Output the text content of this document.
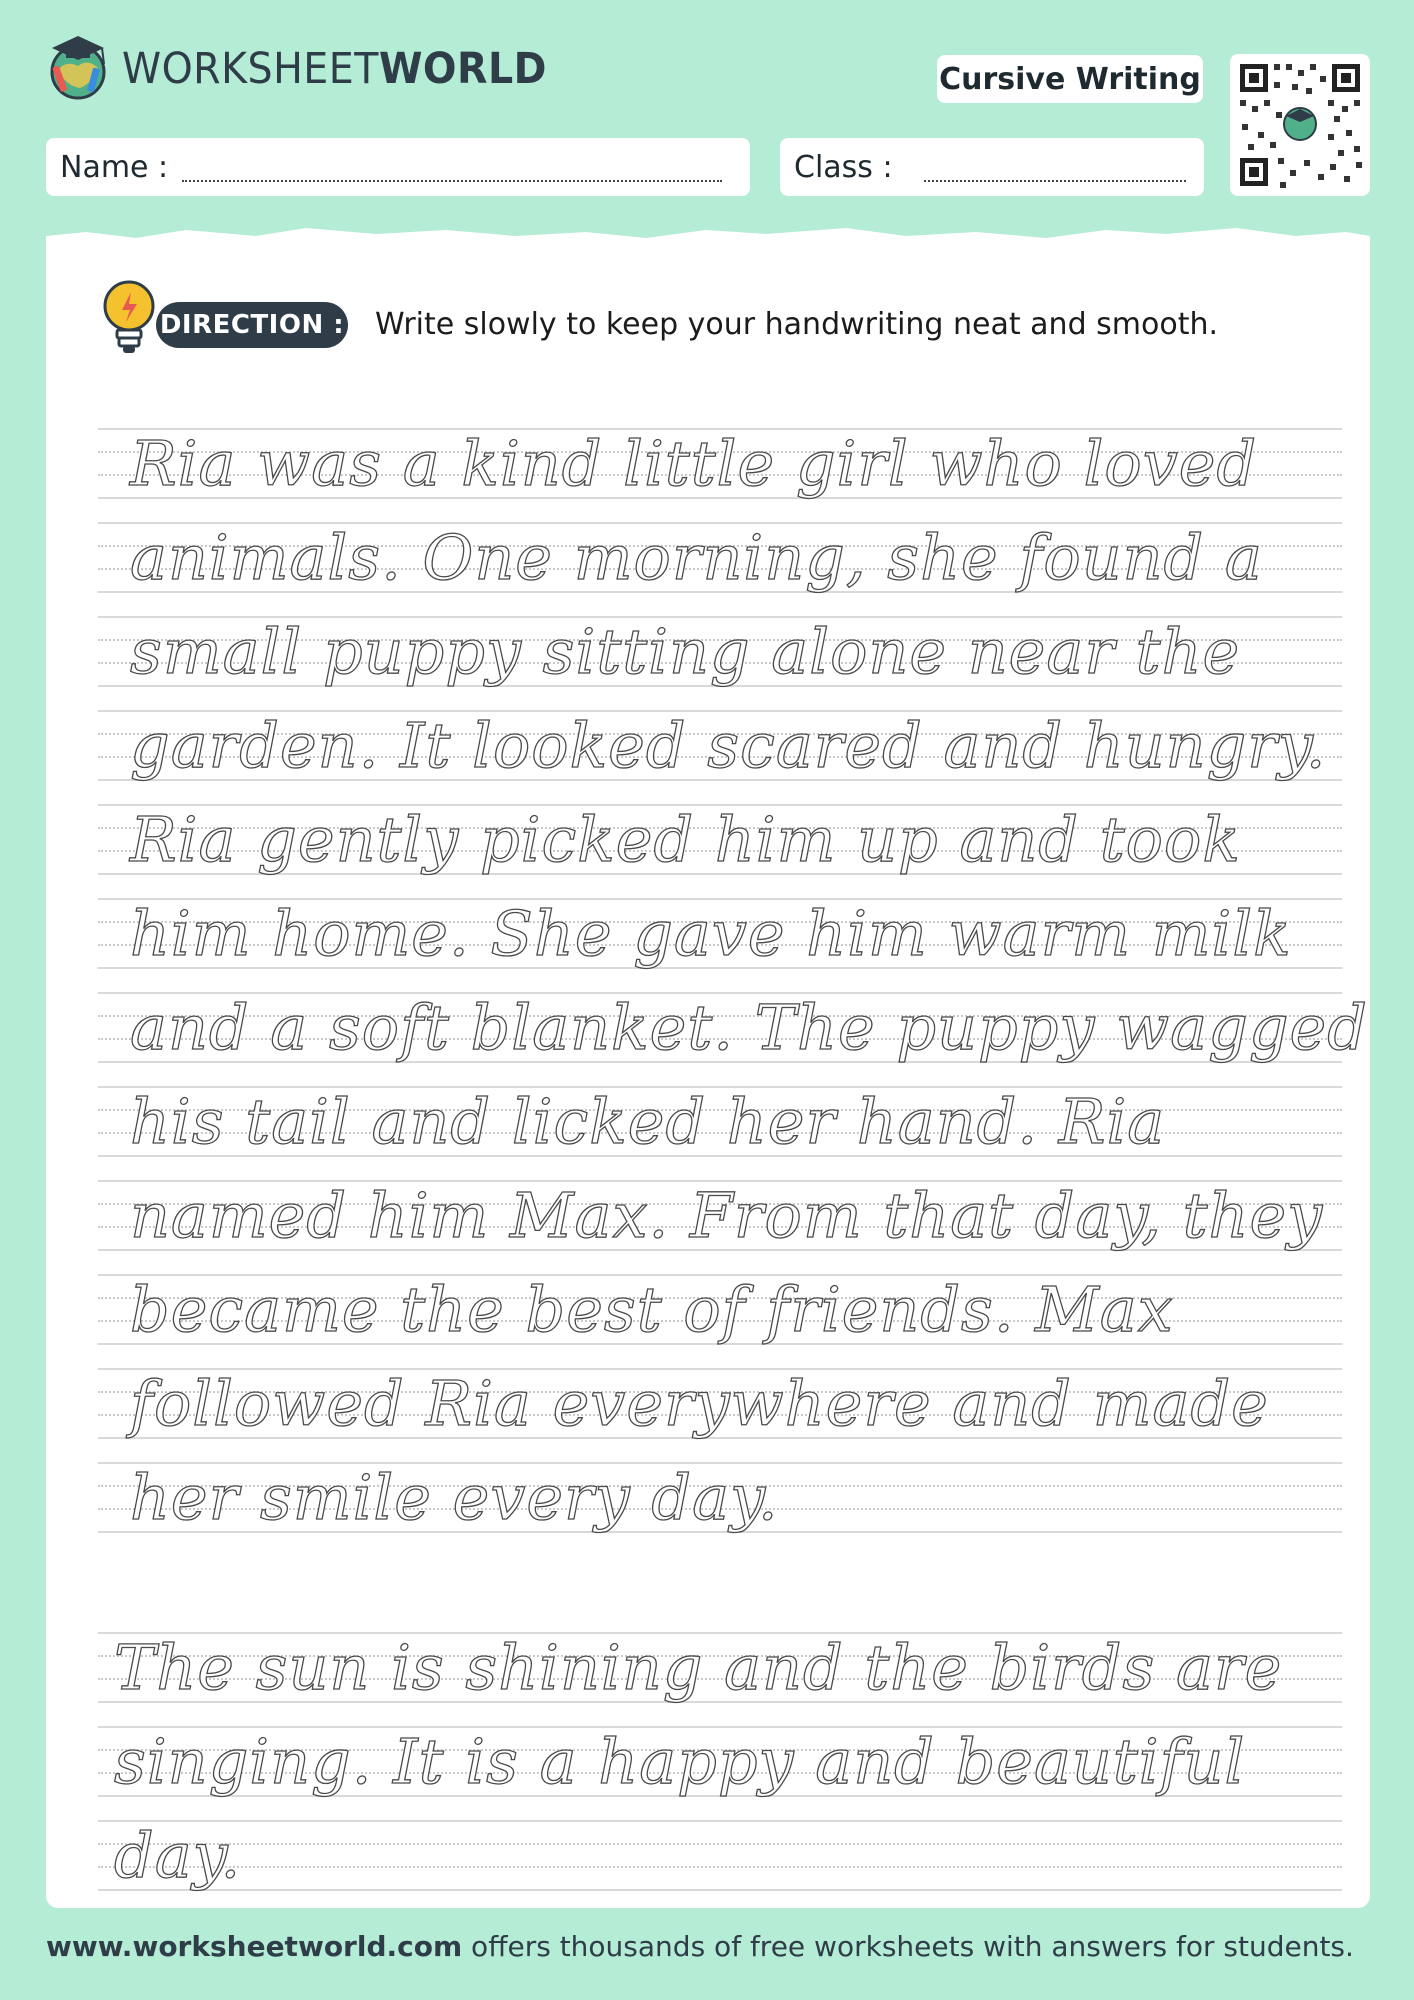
WORKSHEETWORLD	Cursive Writing
Name :	Class :
DIRECTION : Write slowly to keep your handwriting neat and smooth.
Ria was a kind little girl who loved
animals. One morning, she found a
small puppy sitting alone near the
garden. It looked scared and hungry.
Ria gently picked him up and took
him home. She gave him warm milk
and a soft blanket. The puppy wagged
his tail and licked her hand. Ria
named him Max. From that day, they
became the best of friends. Max
followed Ria everywhere and made
her smile every day.
The sun is shining and the birds are
singing. It is a happy and beautiful
day.
www.worksheetworld.com offers thousands of free worksheets with answers for students.
